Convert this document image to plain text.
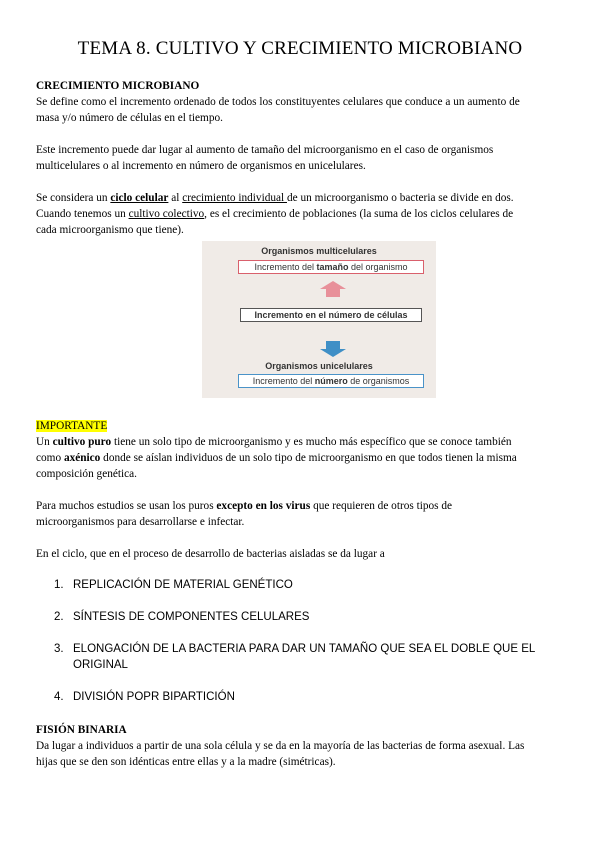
TEMA 8. CULTIVO Y CRECIMIENTO MICROBIANO
CRECIMIENTO MICROBIANO
Se define como el incremento ordenado de todos los constituyentes celulares que conduce a un aumento de
masa y/o número de células en el tiempo.
Este incremento puede dar lugar al aumento de tamaño del microorganismo en el caso de organismos
multicelulares o al incremento en número de organismos en unicelulares.
Se considera un ciclo celular al crecimiento individual de un microorganismo o bacteria se divide en dos.
Cuando tenemos un cultivo colectivo, es el crecimiento de poblaciones (la suma de los ciclos celulares de
cada microorganismo que tiene).
Organismos multicelulares
Incremento del tamaño del organismo
Incremento en el número de células
Organismos unicelulares
Incremento del número de organismos
IMPORTANTE
Un cultivo puro tiene un solo tipo de microorganismo y es mucho más específico que se conoce también
como axénico donde se aíslan individuos de un solo tipo de microorganismo en que todos tienen la misma
composición genética.
Para muchos estudios se usan los puros excepto en los virus que requieren de otros tipos de
microorganismos para desarrollarse e infectar.
En el ciclo, que en el proceso de desarrollo de bacterias aisladas se da lugar a
1. REPLICACIÓN DE MATERIAL GENÉTICO
2. SÍNTESIS DE COMPONENTES CELULARES
3. ELONGACIÓN DE LA BACTERIA PARA DAR UN TAMAÑO QUE SEA EL DOBLE QUE EL
ORIGINAL
4. DIVISIÓN POPR BIPARTICIÓN
FISIÓN BINARIA
Da lugar a individuos a partir de una sola célula y se da en la mayoría de las bacterias de forma asexual. Las
hijas que se den son idénticas entre ellas y a la madre (simétricas).
